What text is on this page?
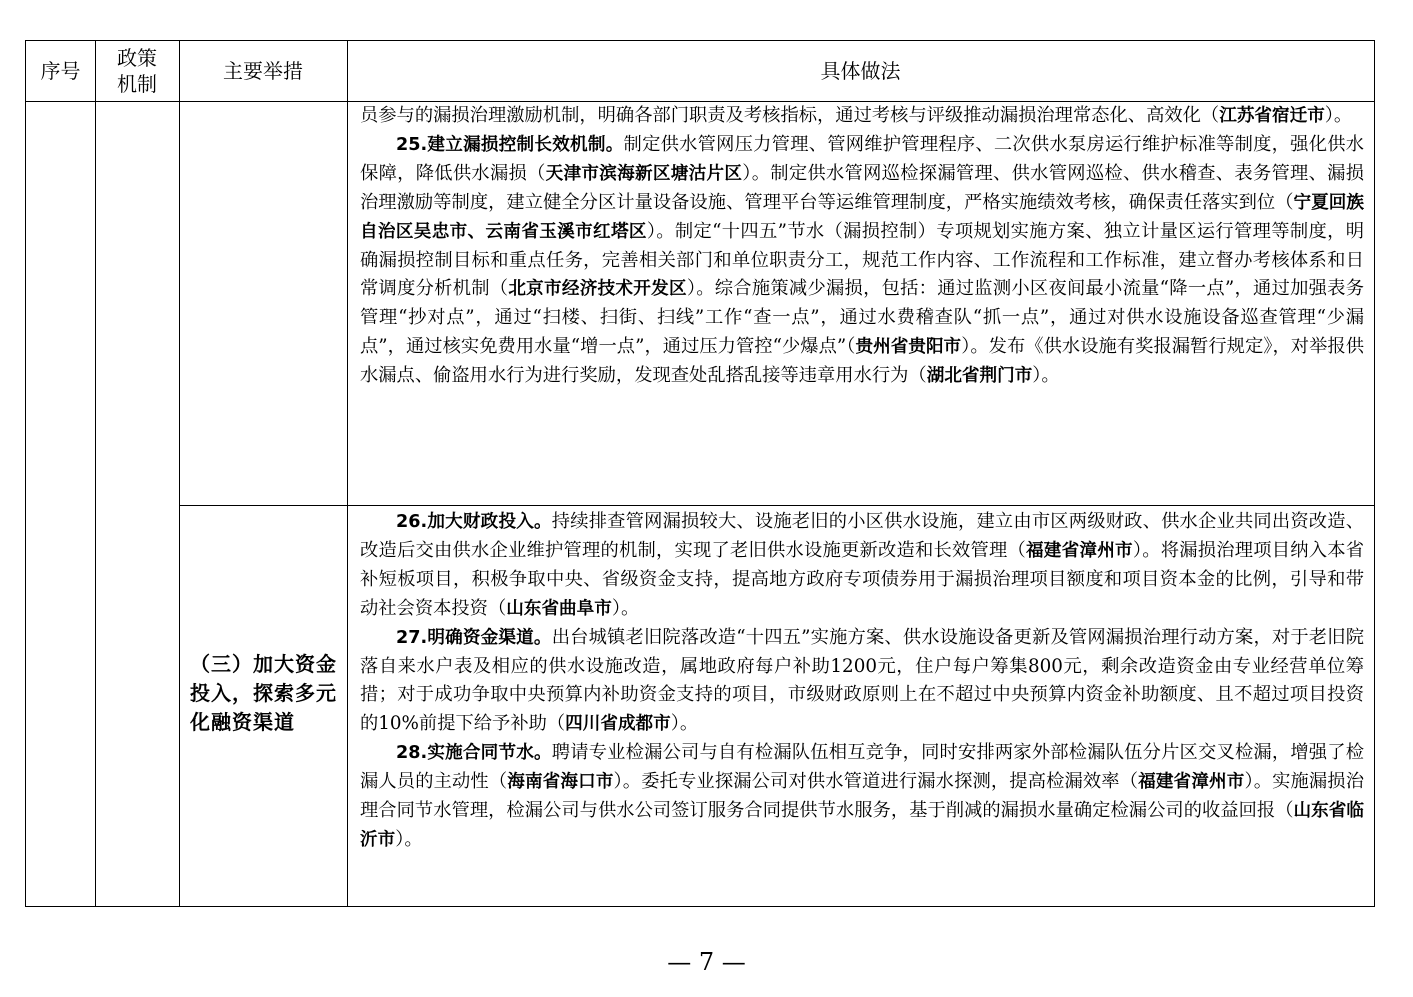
序号
政策机制
主要举措	具体做法

员参与的漏损治理激励机制，明确各部门职责及考核指标，通过考核与评级推动漏损治理常态化、高效化（江苏省宿迁市）。

25.建立漏损控制长效机制。制定供水管网压力管理、管网维护管理程序、二次供水泵房运行维护标准等制度，强化供水保障，降低供水漏损（天津市滨海新区塘沽片区）。制定供水管网巡检探漏管理、供水管网巡检、供水稽查、表务管理、漏损治理激励等制度，建立健全分区计量设备设施、管理平台等运维管理制度，严格实施绩效考核，确保责任落实到位（宁夏回族自治区吴忠市、云南省玉溪市红塔区）。制定“十四五”节水（漏损控制）专项规划实施方案、独立计量区运行管理等制度，明确漏损控制目标和重点任务，完善相关部门和单位职责分工，规范工作内容、工作流程和工作标准，建立督办考核体系和日常调度分析机制（北京市经济技术开发区）。综合施策减少漏损，包括：通过监测小区夜间最小流量“降一点”，通过加强表务管理“抄对点”，通过“扫楼、扫街、扫线”工作“查一点”，通过水费稽查队“抓一点”，通过对供水设施设备巡查管理“少漏点”，通过核实免费用水量“增一点”，通过压力管控“少爆点”（贵州省贵阳市）。发布《供水设施有奖报漏暂行规定》，对举报供水漏点、偷盗用水行为进行奖励，发现查处乱搭乱接等违章用水行为（湖北省荆门市）。

（三）加大资金投入，探索多元化融资渠道

26.加大财政投入。持续排查管网漏损较大、设施老旧的小区供水设施，建立由市区两级财政、供水企业共同出资改造、改造后交由供水企业维护管理的机制，实现了老旧供水设施更新改造和长效管理（福建省漳州市）。将漏损治理项目纳入本省补短板项目，积极争取中央、省级资金支持，提高地方政府专项债券用于漏损治理项目额度和项目资本金的比例，引导和带动社会资本投资（山东省曲阜市）。

27.明确资金渠道。出台城镇老旧院落改造“十四五”实施方案、供水设施设备更新及管网漏损治理行动方案，对于老旧院落自来水户表及相应的供水设施改造，属地政府每户补助1200元，住户每户筹集800元，剩余改造资金由专业经营单位筹措；对于成功争取中央预算内补助资金支持的项目，市级财政原则上在不超过中央预算内资金补助额度、且不超过项目投资的10%前提下给予补助（四川省成都市）。

28.实施合同节水。聘请专业检漏公司与自有检漏队伍相互竞争，同时安排两家外部检漏队伍分片区交叉检漏，增强了检漏人员的主动性（海南省海口市）。委托专业探漏公司对供水管道进行漏水探测，提高检漏效率（福建省漳州市）。实施漏损治理合同节水管理，检漏公司与供水公司签订服务合同提供节水服务，基于削减的漏损水量确定检漏公司的收益回报（山东省临沂市）。

— 7 —
